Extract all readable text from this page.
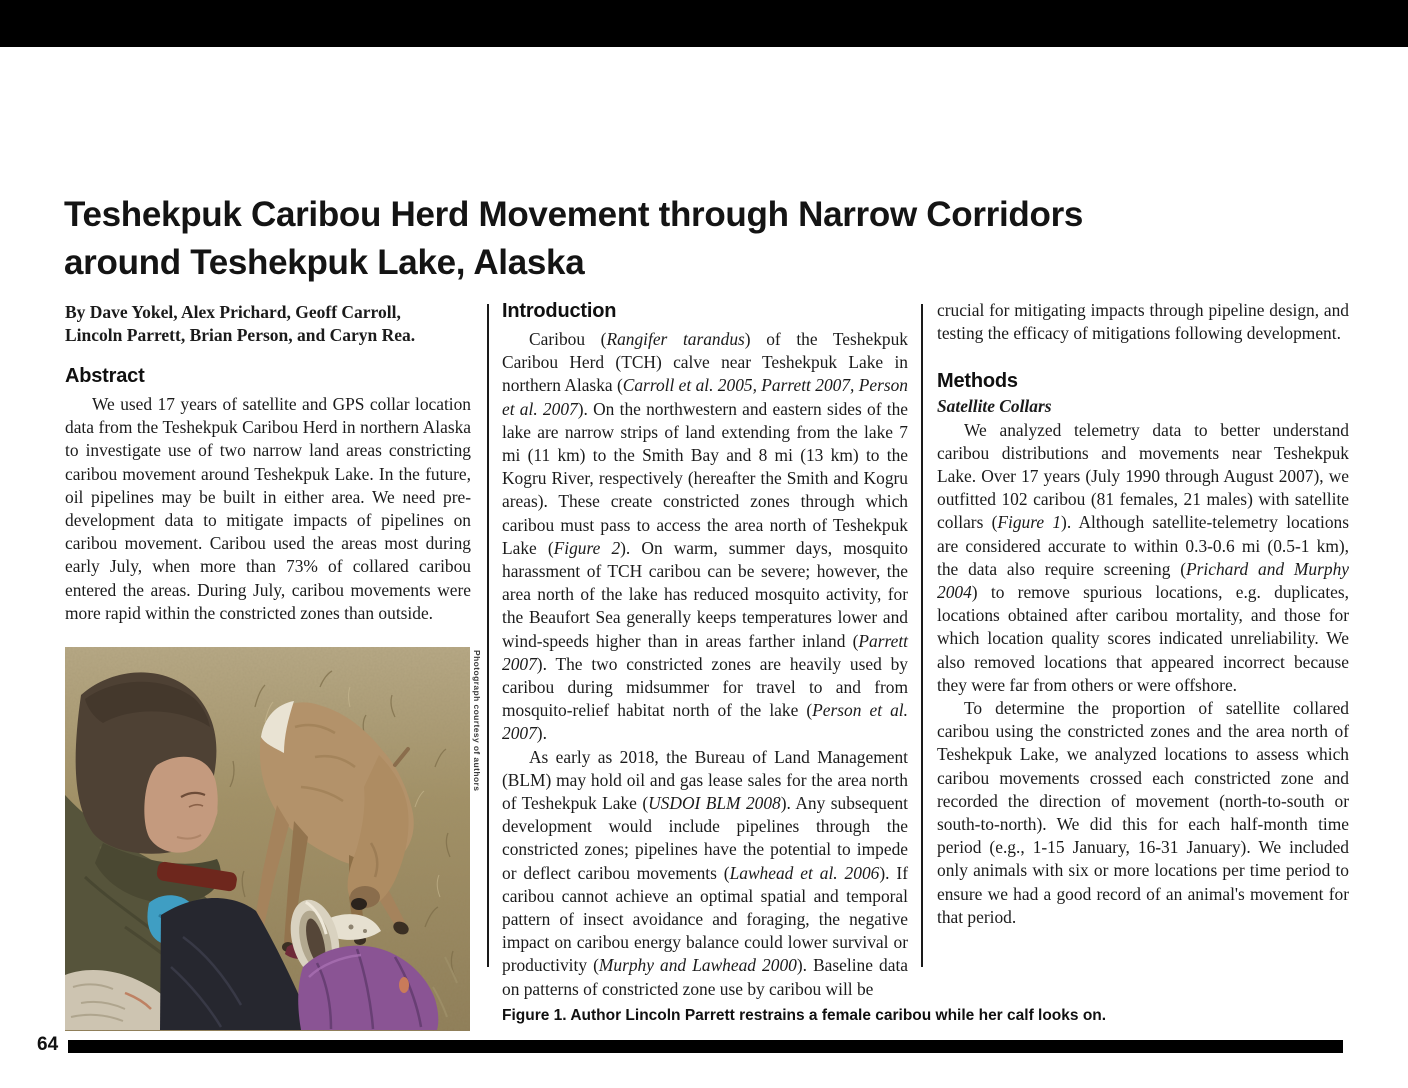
Teshekpuk Caribou Herd Movement through Narrow Corridors
around Teshekpuk Lake, Alaska
By Dave Yokel, Alex Prichard, Geoff Carroll,
Lincoln Parrett, Brian Person, and Caryn Rea.
Abstract

We used 17 years of satellite and GPS collar location data from the Teshekpuk Caribou Herd in northern Alaska to investigate use of two narrow land areas constricting caribou movement around Teshekpuk Lake. In the future, oil pipelines may be built in either area. We need pre-development data to mitigate impacts of pipelines on caribou movement. Caribou used the areas most during early July, when more than 73% of collared caribou entered the areas. During July, caribou movements were more rapid within the constricted zones than outside.

Introduction

Caribou (Rangifer tarandus) of the Teshekpuk Caribou Herd (TCH) calve near Teshekpuk Lake in northern Alaska (Carroll et al. 2005, Parrett 2007, Person et al. 2007). On the northwestern and eastern sides of the lake are narrow strips of land extending from the lake 7 mi (11 km) to the Smith Bay and 8 mi (13 km) to the Kogru River, respectively (hereafter the Smith and Kogru areas). These create constricted zones through which caribou must pass to access the area north of Teshekpuk Lake (Figure 2). On warm, summer days, mosquito harassment of TCH caribou can be severe; however, the area north of the lake has reduced mosquito activity, for the Beaufort Sea generally keeps temperatures lower and wind-speeds higher than in areas farther inland (Parrett 2007). The two constricted zones are heavily used by caribou during midsummer for travel to and from mosquito-relief habitat north of the lake (Person et al. 2007).

As early as 2018, the Bureau of Land Management (BLM) may hold oil and gas lease sales for the area north of Teshekpuk Lake (USDOI BLM 2008). Any subsequent development would include pipelines through the constricted zones; pipelines have the potential to impede or deflect caribou movements (Lawhead et al. 2006). If caribou cannot achieve an optimal spatial and temporal pattern of insect avoidance and foraging, the negative impact on caribou energy balance could lower survival or productivity (Murphy and Lawhead 2000). Baseline data on patterns of constricted zone use by caribou will be

crucial for mitigating impacts through pipeline design, and testing the efficacy of mitigations following development.

Methods
Satellite Collars

We analyzed telemetry data to better understand caribou distributions and movements near Teshekpuk Lake. Over 17 years (July 1990 through August 2007), we outfitted 102 caribou (81 females, 21 males) with satellite collars (Figure 1). Although satellite-telemetry locations are considered accurate to within 0.3-0.6 mi (0.5-1 km), the data also require screening (Prichard and Murphy 2004) to remove spurious locations, e.g. duplicates, locations obtained after caribou mortality, and those for which location quality scores indicated unreliability. We also removed locations that appeared incorrect because they were far from others or were offshore.

To determine the proportion of satellite collared caribou using the constricted zones and the area north of Teshekpuk Lake, we analyzed locations to assess which caribou movements crossed each constricted zone and recorded the direction of movement (north-to-south or south-to-north). We did this for each half-month time period (e.g., 1-15 January, 16-31 January). We included only animals with six or more locations per time period to ensure we had a good record of an animal's movement for that period.

Photograph courtesy of authors
Figure 1. Author Lincoln Parrett restrains a female caribou while her calf looks on.
64
